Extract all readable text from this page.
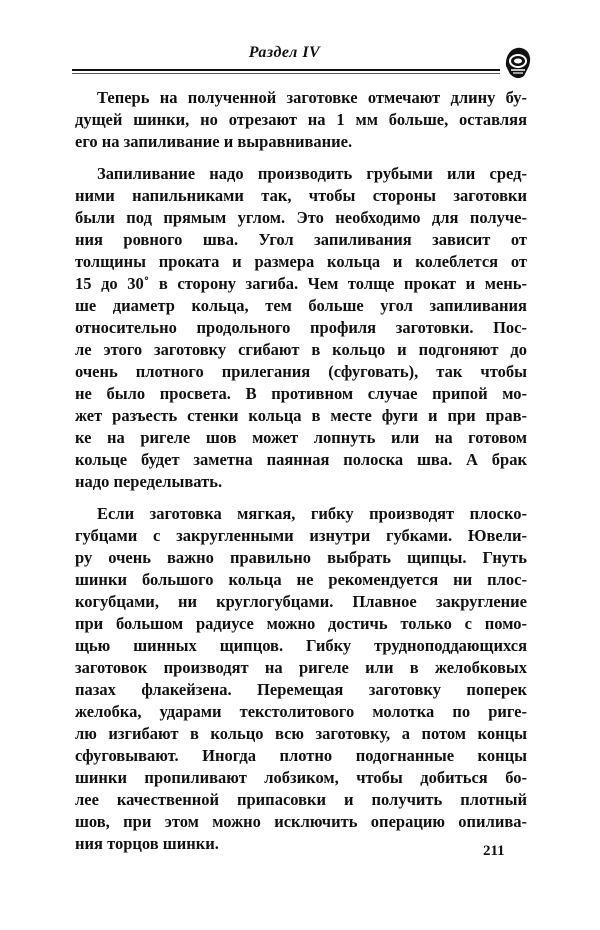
Раздел IV
Теперь на полученной заготовке отмечают длину бу-
дущей шинки, но отрезают на 1 мм больше, оставляя
его на запиливание и выравнивание.
Запиливание надо производить грубыми или сред-
ними напильниками так, чтобы стороны заготовки
были под прямым углом. Это необходимо для получе-
ния ровного шва. Угол запиливания зависит от
толщины проката и размера кольца и колеблется от
15 до 30˚ в сторону загиба. Чем толще прокат и мень-
ше диаметр кольца, тем больше угол запиливания
относительно продольного профиля заготовки. Пос-
ле этого заготовку сгибают в кольцо и подгоняют до
очень плотного прилегания (сфуговать), так чтобы
не было просвета. В противном случае припой мо-
жет разъесть стенки кольца в месте фуги и при прав-
ке на ригеле шов может лопнуть или на готовом
кольце будет заметна паянная полоска шва. А брак
надо переделывать.
Если заготовка мягкая, гибку производят плоско-
губцами с закругленными изнутри губками. Ювели-
ру очень важно правильно выбрать щипцы. Гнуть
шинки большого кольца не рекомендуется ни плос-
когубцами, ни круглогубцами. Плавное закругление
при большом радиусе можно достичь только с помо-
щью шинных щипцов. Гибку трудноподдающихся
заготовок производят на ригеле или в желобковых
пазах флакейзена. Перемещая заготовку поперек
желобка, ударами текстолитового молотка по риге-
лю изгибают в кольцо всю заготовку, а потом концы
сфуговывают. Иногда плотно подогнанные концы
шинки пропиливают лобзиком, чтобы добиться бо-
лее качественной припасовки и получить плотный
шов, при этом можно исключить операцию опилива-
ния торцов шинки.	211
